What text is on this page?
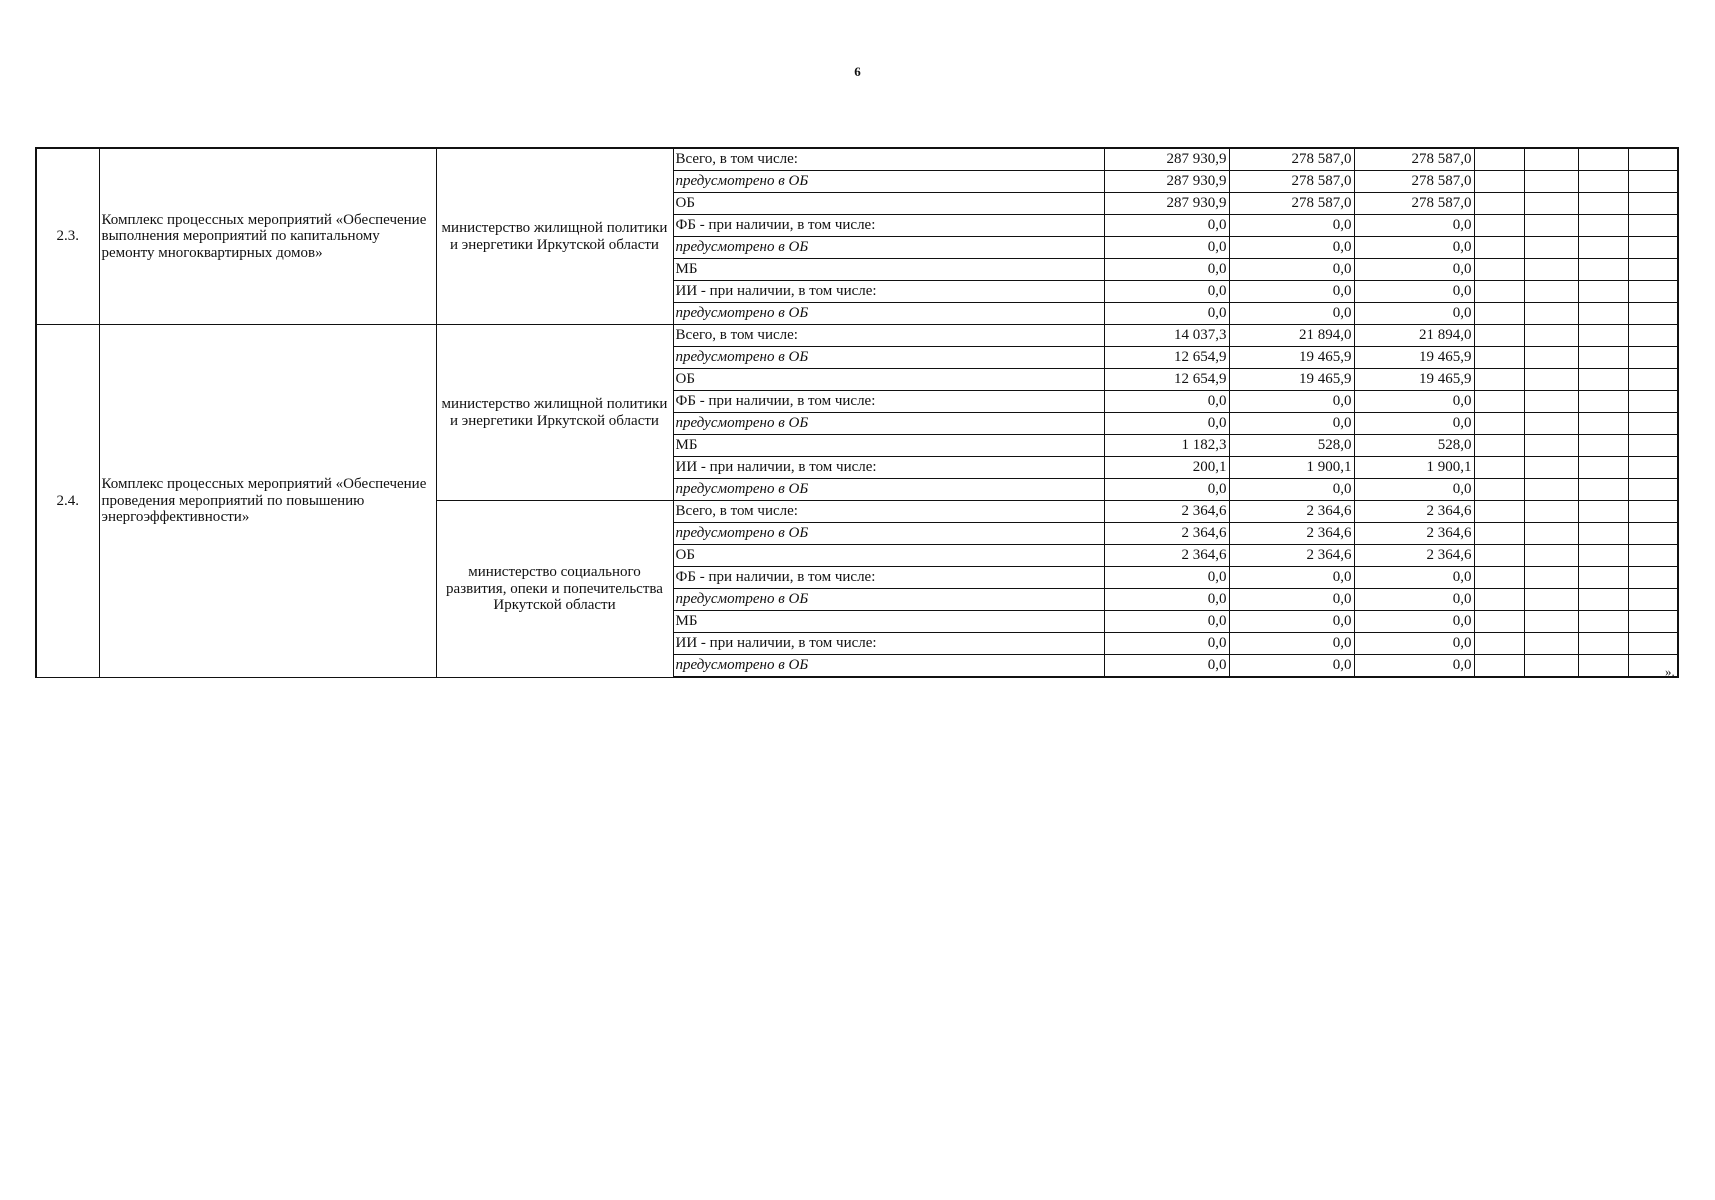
6
2.3.	Комплекс процессных мероприятий «Обеспечение выполнения мероприятий по капитальному ремонту многоквартирных домов»	министерство жилищной политики и энергетики Иркутской области	Всего, в том числе:	287 930,9	278 587,0	278 587,0				
			предусмотрено в ОБ	287 930,9	278 587,0	278 587,0				
			ОБ	287 930,9	278 587,0	278 587,0				
			ФБ - при наличии, в том числе:	0,0	0,0	0,0				
			предусмотрено в ОБ	0,0	0,0	0,0				
			МБ	0,0	0,0	0,0				
			ИИ - при наличии, в том числе:	0,0	0,0	0,0				
			предусмотрено в ОБ	0,0	0,0	0,0				
2.4.	Комплекс процессных мероприятий «Обеспечение проведения мероприятий по повышению энергоэффективности»	министерство жилищной политики и энергетики Иркутской области	Всего, в том числе:	14 037,3	21 894,0	21 894,0				
			предусмотрено в ОБ	12 654,9	19 465,9	19 465,9				
			ОБ	12 654,9	19 465,9	19 465,9				
			ФБ - при наличии, в том числе:	0,0	0,0	0,0				
			предусмотрено в ОБ	0,0	0,0	0,0				
			МБ	1 182,3	528,0	528,0				
			ИИ - при наличии, в том числе:	200,1	1 900,1	1 900,1				
			предусмотрено в ОБ	0,0	0,0	0,0				
		министерство социального развития, опеки и попечительства Иркутской области	Всего, в том числе:	2 364,6	2 364,6	2 364,6				
			предусмотрено в ОБ	2 364,6	2 364,6	2 364,6				
			ОБ	2 364,6	2 364,6	2 364,6				
			ФБ - при наличии, в том числе:	0,0	0,0	0,0				
			предусмотрено в ОБ	0,0	0,0	0,0				
			МБ	0,0	0,0	0,0				
			ИИ - при наличии, в том числе:	0,0	0,0	0,0				
			предусмотрено в ОБ	0,0	0,0	0,0					».
